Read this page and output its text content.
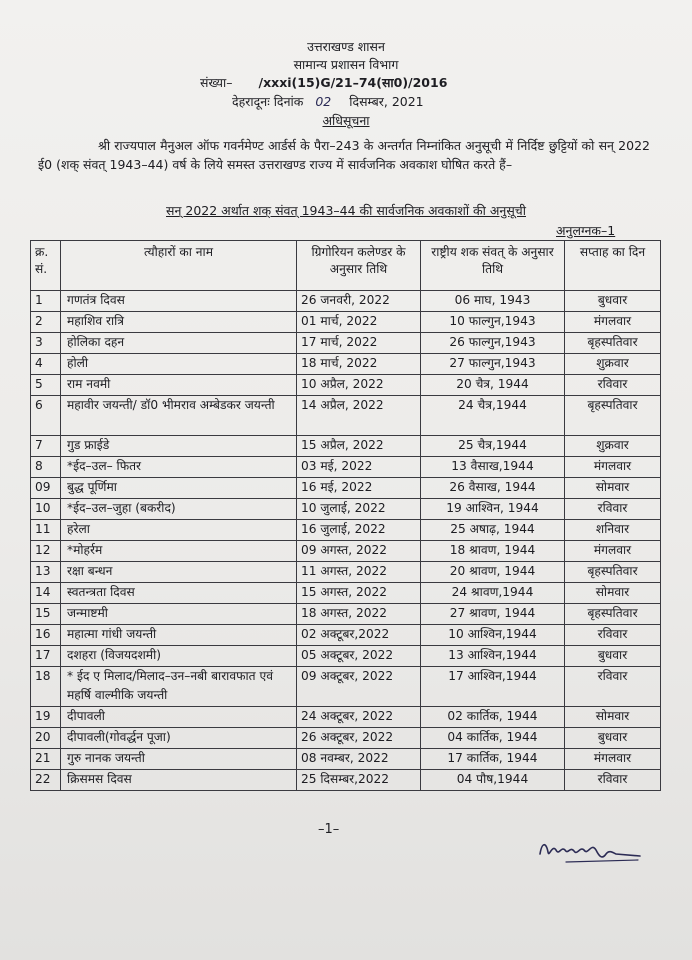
उत्तराखण्ड शासन
सामान्य प्रशासन विभाग
संख्या– /xxxi(15)G/21–74(सा0)/2016
देहरादूनः दिनांक 02 दिसम्बर, 2021
अधिसूचना
श्री राज्यपाल मैनुअल ऑफ गवर्नमेण्ट आर्डर्स के पैरा–243 के अन्तर्गत निम्नांकित अनुसूची में निर्दिष्ट छुट्टियों को सन् 2022 ई0 (शक् संवत् 1943–44) वर्ष के लिये समस्त उत्तराखण्ड राज्य में सार्वजनिक अवकाश घोषित करते हैं–
सन् 2022 अर्थात शक् संवत् 1943–44 की सार्वजनिक अवकाशों की अनुसूची
अनुलग्नक–1
क्र. सं.	त्यौहारों का नाम	ग्रिगोरियन कलेण्डर के अनुसार तिथि	राष्ट्रीय शक संवत् के अनुसार तिथि	सप्ताह का दिन
1	गणतंत्र दिवस	26 जनवरी, 2022	06 माघ, 1943	बुधवार
2	महाशिव रात्रि	01 मार्च, 2022	10 फाल्गुन,1943	मंगलवार
3	होलिका दहन	17 मार्च, 2022	26 फाल्गुन,1943	बृहस्पतिवार
4	होली	18 मार्च, 2022	27 फाल्गुन,1943	शुक्रवार
5	राम नवमी	10 अप्रैल, 2022	20 चैत्र, 1944	रविवार
6	महावीर जयन्ती/ डॉ0 भीमराव अम्बेडकर जयन्ती	14 अप्रैल, 2022	24 चैत्र,1944	बृहस्पतिवार
7	गुड फ्राईडे	15 अप्रैल, 2022	25 चैत्र,1944	शुक्रवार
8	*ईद–उल– फितर	03 मई, 2022	13 वैसाख,1944	मंगलवार
09	बुद्ध पूर्णिमा	16 मई, 2022	26 वैसाख, 1944	सोमवार
10	*ईद–उल–जुहा (बकरीद)	10 जुलाई, 2022	19 आश्विन, 1944	रविवार
11	हरेला	16 जुलाई, 2022	25 अषाढ़, 1944	शनिवार
12	*मोहर्रम	09 अगस्त, 2022	18 श्रावण, 1944	मंगलवार
13	रक्षा बन्धन	11 अगस्त, 2022	20 श्रावण, 1944	बृहस्पतिवार
14	स्वतन्त्रता दिवस	15 अगस्त, 2022	24 श्रावण,1944	सोमवार
15	जन्माष्टमी	18 अगस्त, 2022	27 श्रावण, 1944	बृहस्पतिवार
16	महात्मा गांधी जयन्ती	02 अक्टूबर,2022	10 आश्विन,1944	रविवार
17	दशहरा (विजयदशमी)	05 अक्टूबर, 2022	13 आश्विन,1944	बुधवार
18	* ईद ए मिलाद/मिलाद–उन–नबी बारावफात एवं महर्षि वाल्मीकि जयन्ती	09 अक्टूबर, 2022	17 आश्विन,1944	रविवार
19	दीपावली	24 अक्टूबर, 2022	02 कार्तिक, 1944	सोमवार
20	दीपावली(गोवर्द्धन पूजा)	26 अक्टूबर, 2022	04 कार्तिक, 1944	बुधवार
21	गुरु नानक जयन्ती	08 नवम्बर, 2022	17 कार्तिक, 1944	मंगलवार
22	क्रिसमस दिवस	25 दिसम्बर,2022	04 पौष,1944	रविवार
–1–
